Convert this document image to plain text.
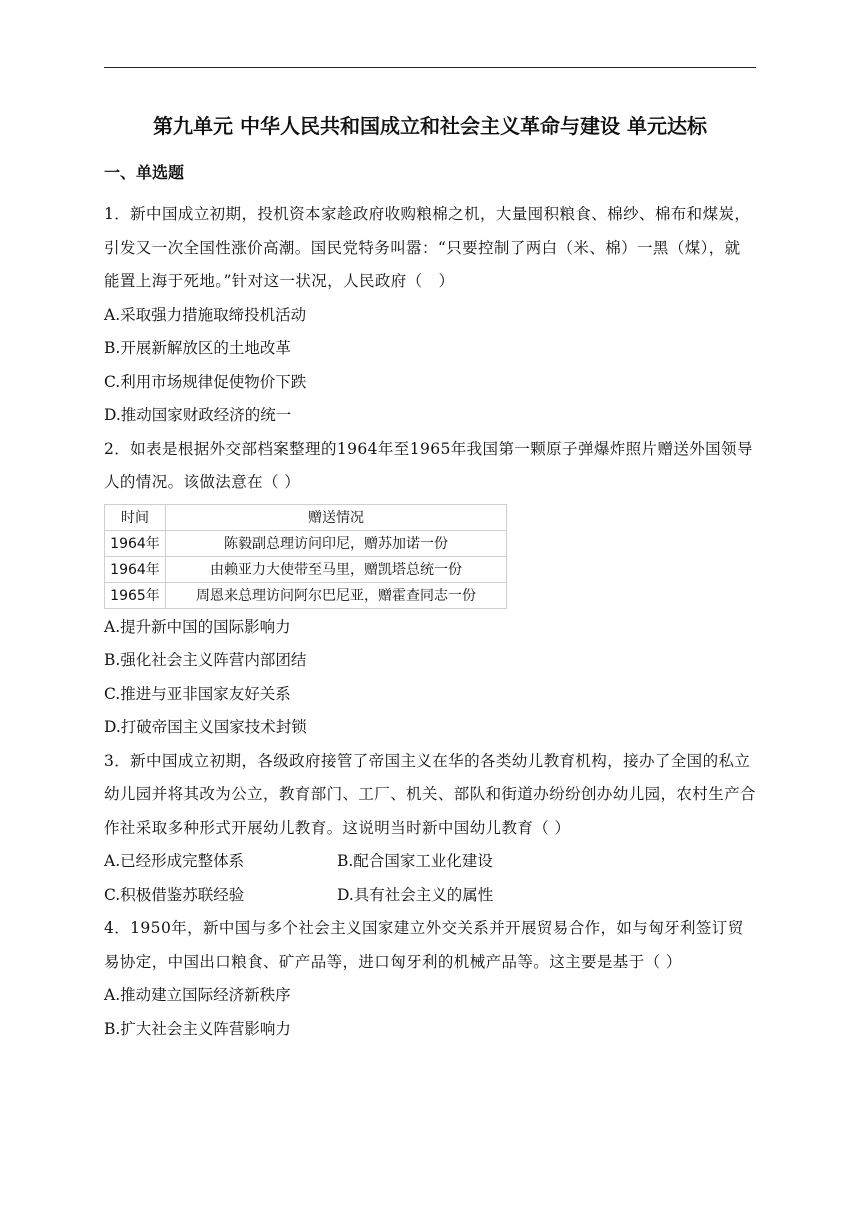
第九单元 中华人民共和国成立和社会主义革命与建设 单元达标
一、单选题

1．新中国成立初期，投机资本家趁政府收购粮棉之机，大量囤积粮食、棉纱、棉布和煤炭，引发又一次全国性涨价高潮。国民党特务叫嚣：“只要控制了两白（米、棉）一黑（煤），就能置上海于死地。”针对这一状况，人民政府（　）

A.采取强力措施取缔投机活动
B.开展新解放区的土地改革
C.利用市场规律促使物价下跌
D.推动国家财政经济的统一

2．如表是根据外交部档案整理的1964年至1965年我国第一颗原子弹爆炸照片赠送外国领导人的情况。该做法意在（ ）

时间	赠送情况
1964年	陈毅副总理访问印尼，赠苏加诺一份
1964年	由赖亚力大使带至马里，赠凯塔总统一份
1965年	周恩来总理访问阿尔巴尼亚，赠霍查同志一份
A.提升新中国的国际影响力
B.强化社会主义阵营内部团结
C.推进与亚非国家友好关系
D.打破帝国主义国家技术封锁

3．新中国成立初期，各级政府接管了帝国主义在华的各类幼儿教育机构，接办了全国的私立幼儿园并将其改为公立，教育部门、工厂、机关、部队和街道办纷纷创办幼儿园，农村生产合作社采取多种形式开展幼儿教育。这说明当时新中国幼儿教育（ ）

A.已经形成完整体系	B.配合国家工业化建设
C.积极借鉴苏联经验	D.具有社会主义的属性

4．1950年，新中国与多个社会主义国家建立外交关系并开展贸易合作，如与匈牙利签订贸易协定，中国出口粮食、矿产品等，进口匈牙利的机械产品等。这主要是基于（ ）

A.推动建立国际经济新秩序
B.扩大社会主义阵营影响力
